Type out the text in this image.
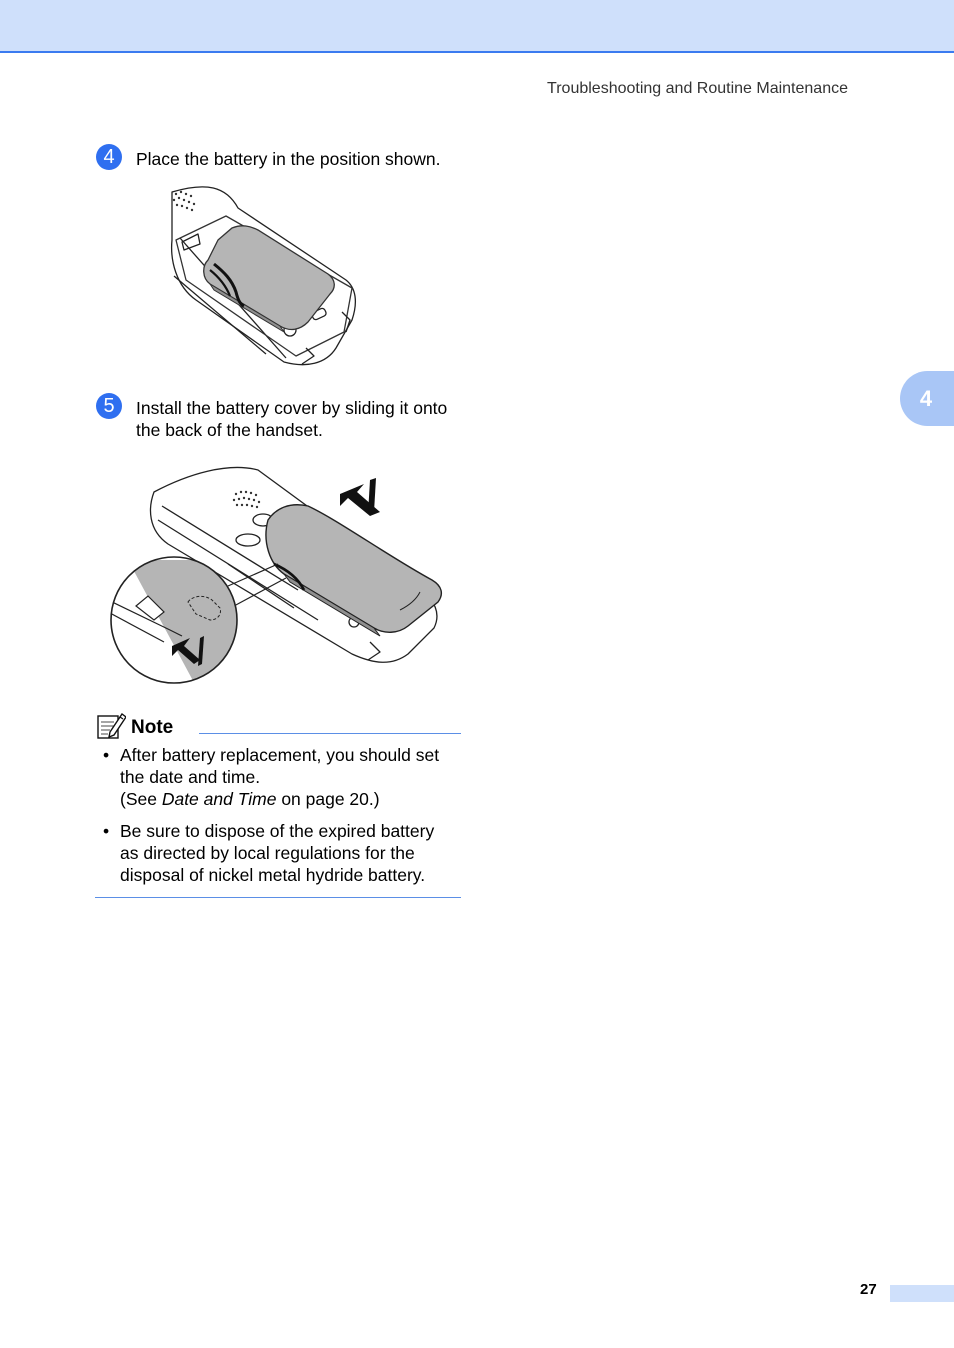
Troubleshooting and Routine Maintenance
4
4	Place the battery in the position shown.
5	Install the battery cover by sliding it onto
the back of the handset.
Note
• After battery replacement, you should set
the date and time.
(See Date and Time on page 20.)
• Be sure to dispose of the expired battery
as directed by local regulations for the
disposal of nickel metal hydride battery.
27
